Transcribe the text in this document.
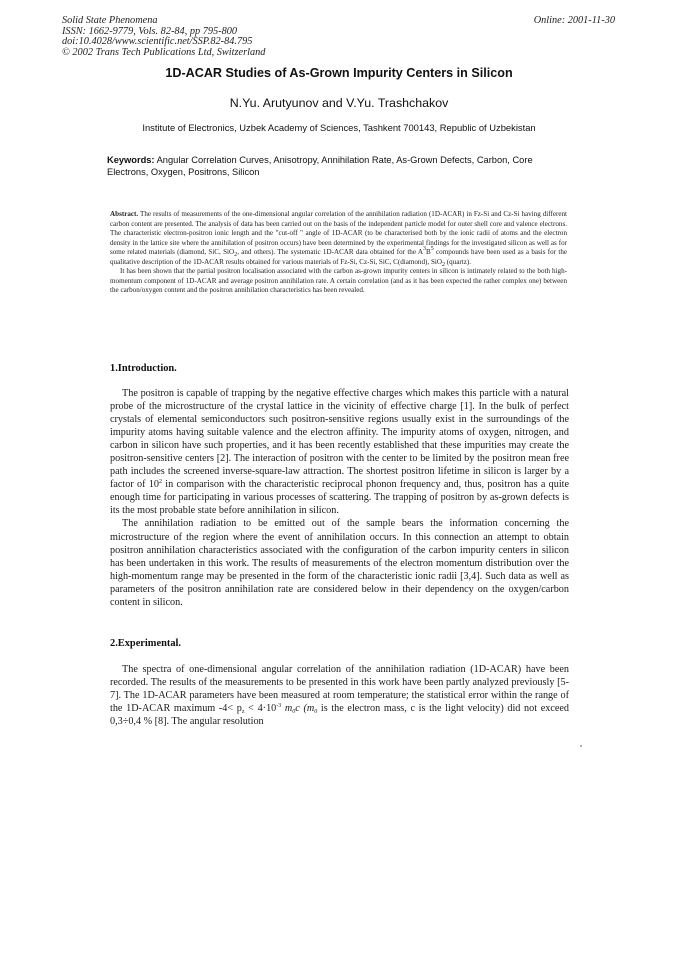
Solid State Phenomena
ISSN: 1662-9779, Vols. 82-84, pp 795-800
doi:10.4028/www.scientific.net/SSP.82-84.795
© 2002 Trans Tech Publications Ltd, Switzerland
Online: 2001-11-30
1D-ACAR Studies of As-Grown Impurity Centers in Silicon
N.Yu. Arutyunov and V.Yu. Trashchakov
Institute of Electronics, Uzbek Academy of Sciences, Tashkent 700143, Republic of Uzbekistan
Keywords: Angular Correlation Curves, Anisotropy, Annihilation Rate, As-Grown Defects, Carbon, Core Electrons, Oxygen, Positrons, Silicon

Abstract. The results of measurements of the one-dimensional angular correlation of the annihilation radiation (1D-ACAR) in Fz-Si and Cz-Si having different carbon content are presented. The analysis of data has been carried out on the basis of the independent particle model for outer shell core and valence electrons. The characteristic electron-positron ionic length and the "cut-off " angle of 1D-ACAR (to be characterised both by the ionic radii of atoms and the electron density in the lattice site where the annihilation of positron occurs) have been determined by the experimental findings for the investigated silicon as well as for some related materials (diamond, SiC, SiO$_2$, and others). The systematic 1D-ACAR data obtained for the $A^3B^5$ compounds have been used as a basis for the qualitative description of the 1D-ACAR results obtained for various materials of Fz-Si, Cz-Si, SiC, C(diamond), SiO$_2$ (quartz).

It has been shown that the partial positron localisation associated with the carbon as-grown impurity centers in silicon is intimately related to the both high-momentum component of 1D-ACAR and average positron annihilation rate. A certain correlation (and as it has been expected the rather complex one) between the carbon/oxygen content and the positron annihilation characteristics has been revealed.

1.Introduction.

The positron is capable of trapping by the negative effective charges which makes this particle with a natural probe of the microstructure of the crystal lattice in the vicinity of effective charge [1]. In the bulk of perfect crystals of elemental semiconductors such positron-sensitive regions usually exist in the surroundings of the impurity atoms having suitable valence and the electron affinity. The impurity atoms of oxygen, nitrogen, and carbon in silicon have such properties, and it has been recently established that these impurities may create the positron-sensitive centers [2]. The interaction of positron with the center to be limited by the positron mean free path includes the screened inverse-square-law attraction. The shortest positron lifetime in silicon is larger by a factor of $10^2$ in comparison with the characteristic reciprocal phonon frequency and, thus, positron has a quite enough time for participating in various processes of scattering. The trapping of positron by as-grown defects is its the most probable state before annihilation in silicon.

The annihilation radiation to be emitted out of the sample bears the information concerning the microstructure of the region where the event of annihilation occurs. In this connection an attempt to obtain positron annihilation characteristics associated with the configuration of the carbon impurity centers in silicon has been undertaken in this work. The results of measurements of the electron momentum distribution over the high-momentum range may be presented in the form of the characteristic ionic radii [3,4]. Such data as well as parameters of the positron annihilation rate are considered below in their dependency on the oxygen/carbon content in silicon.

2.Experimental.

The spectra of one-dimensional angular correlation of the annihilation radiation (1D-ACAR) have been recorded. The results of the measurements to be presented in this work have been partly analyzed previously [5-7]. The 1D-ACAR parameters have been measured at room temperature; the statistical error within the range of the 1D-ACAR maximum $-4< p_z < 4\cdot 10^{-3}$ $m_0c$ ($m_0$ is the electron mass, c is the light velocity) did not exceed 0,3÷0,4 % [8]. The angular resolution
